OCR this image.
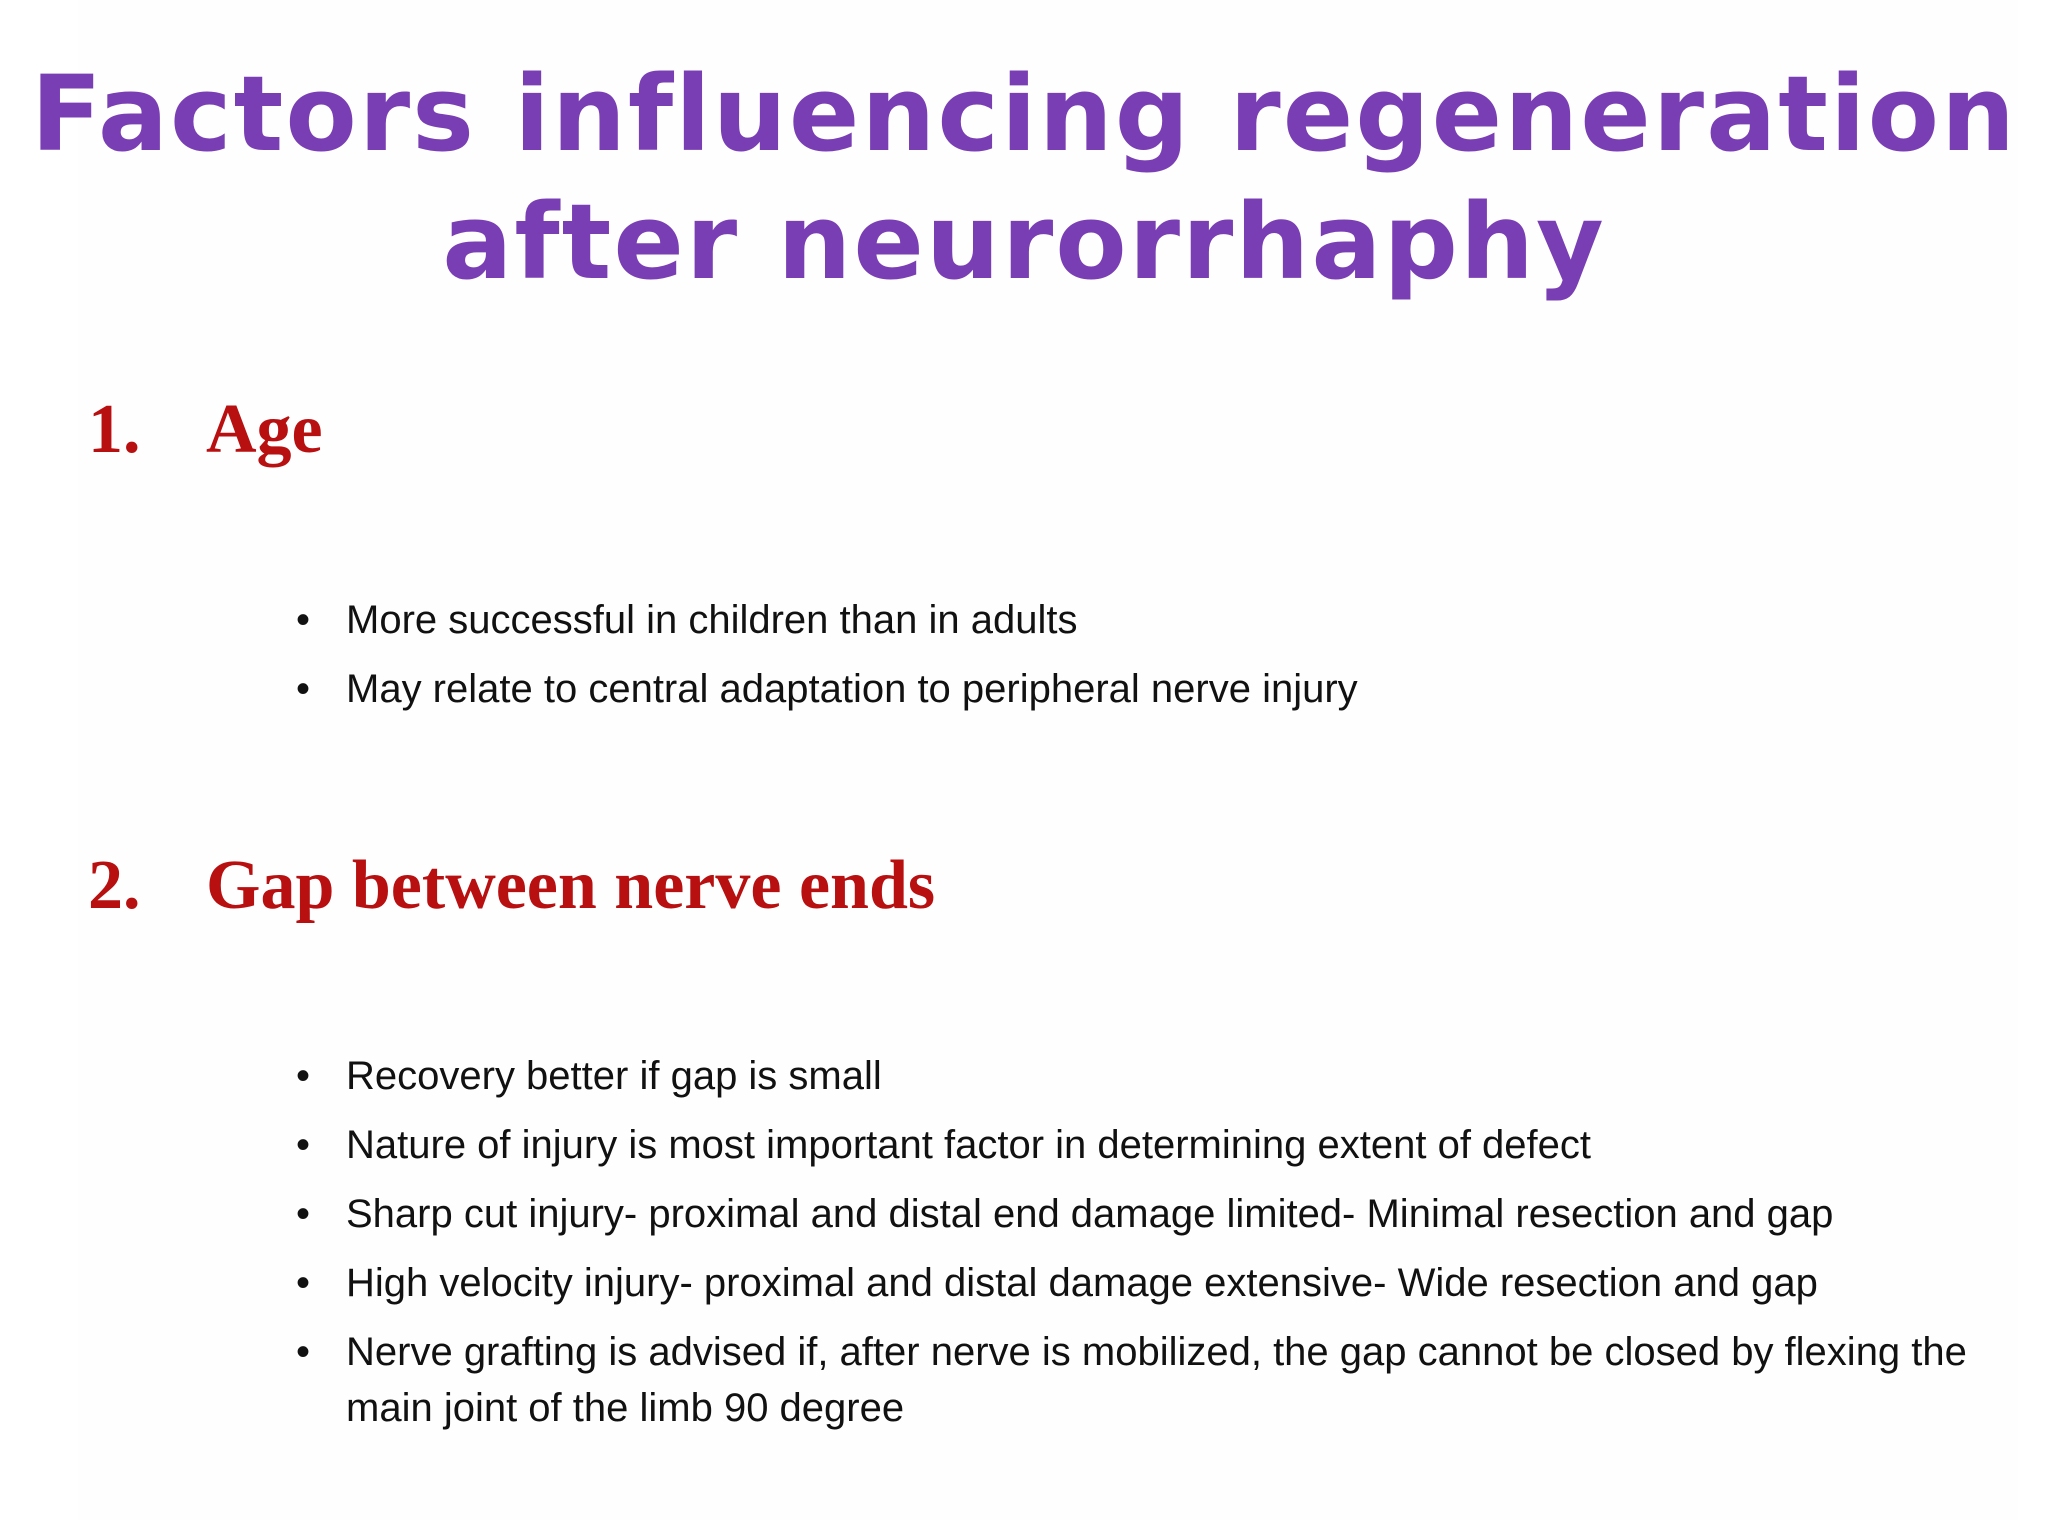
Factors influencing regeneration
after neurorrhaphy
1. Age
• More successful in children than in adults
• May relate to central adaptation to peripheral nerve injury
2. Gap between nerve ends
• Recovery better if gap is small
• Nature of injury is most important factor in determining extent of defect
• Sharp cut injury- proximal and distal end damage limited- Minimal resection and gap
• High velocity injury- proximal and distal damage extensive- Wide resection and gap
• Nerve grafting is advised if, after nerve is mobilized, the gap cannot be closed by flexing the main joint of the limb 90 degree
